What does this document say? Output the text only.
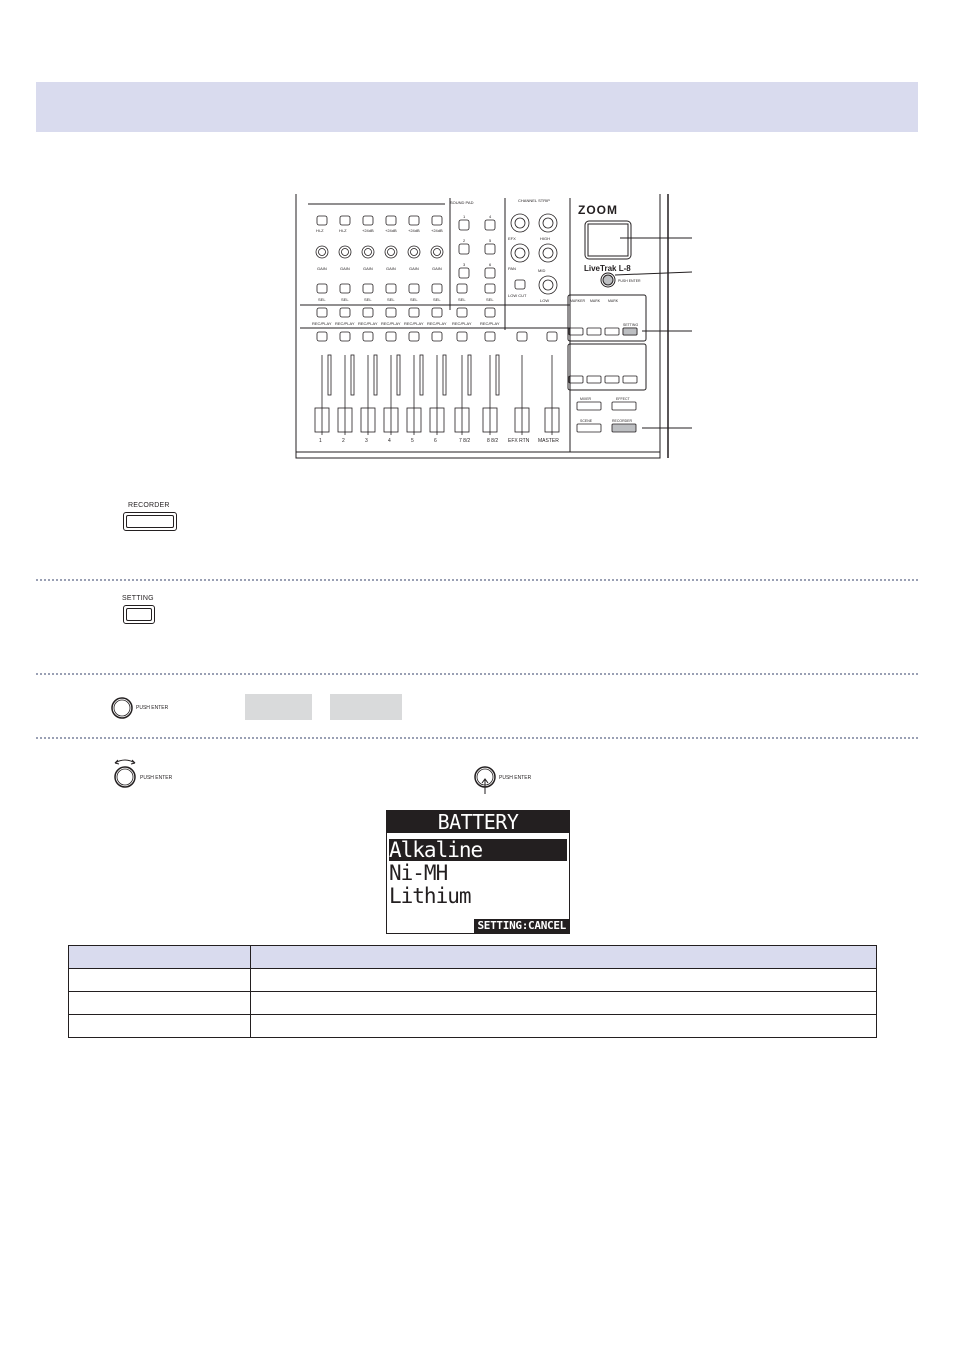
ZOOM
LiveTrak L-8
PUSH ENTER
SOUND PAD	CHANNEL STRIP
LOW CUT
HIGH
MID
LOW
PAN
EFX
EFX RTN MASTER
Hi-Z
GAIN
SEL
REC/PLAY
1
Hi-Z
GAIN
SEL
REC/PLAY
2
+24dB
GAIN
SEL
REC/PLAY
3
+24dB
GAIN
SEL
REC/PLAY
4
+24dB
GAIN
SEL
REC/PLAY
5
+24dB
GAIN
SEL
REC/PLAY
6
SEL
REC/PLAY
7 8/2
SEL
REC/PLAY
8 8/2
1	4
2	5
3	6
MIXER	EFFECT
SCENE	RECORDER
SETTING
MARKER MARK MARK
RECORDER
SETTING
PUSH ENTER
PUSH ENTER	PUSH ENTER
BATTERY
Alkaline
Ni-MH
Lithium
SETTING:CANCEL
